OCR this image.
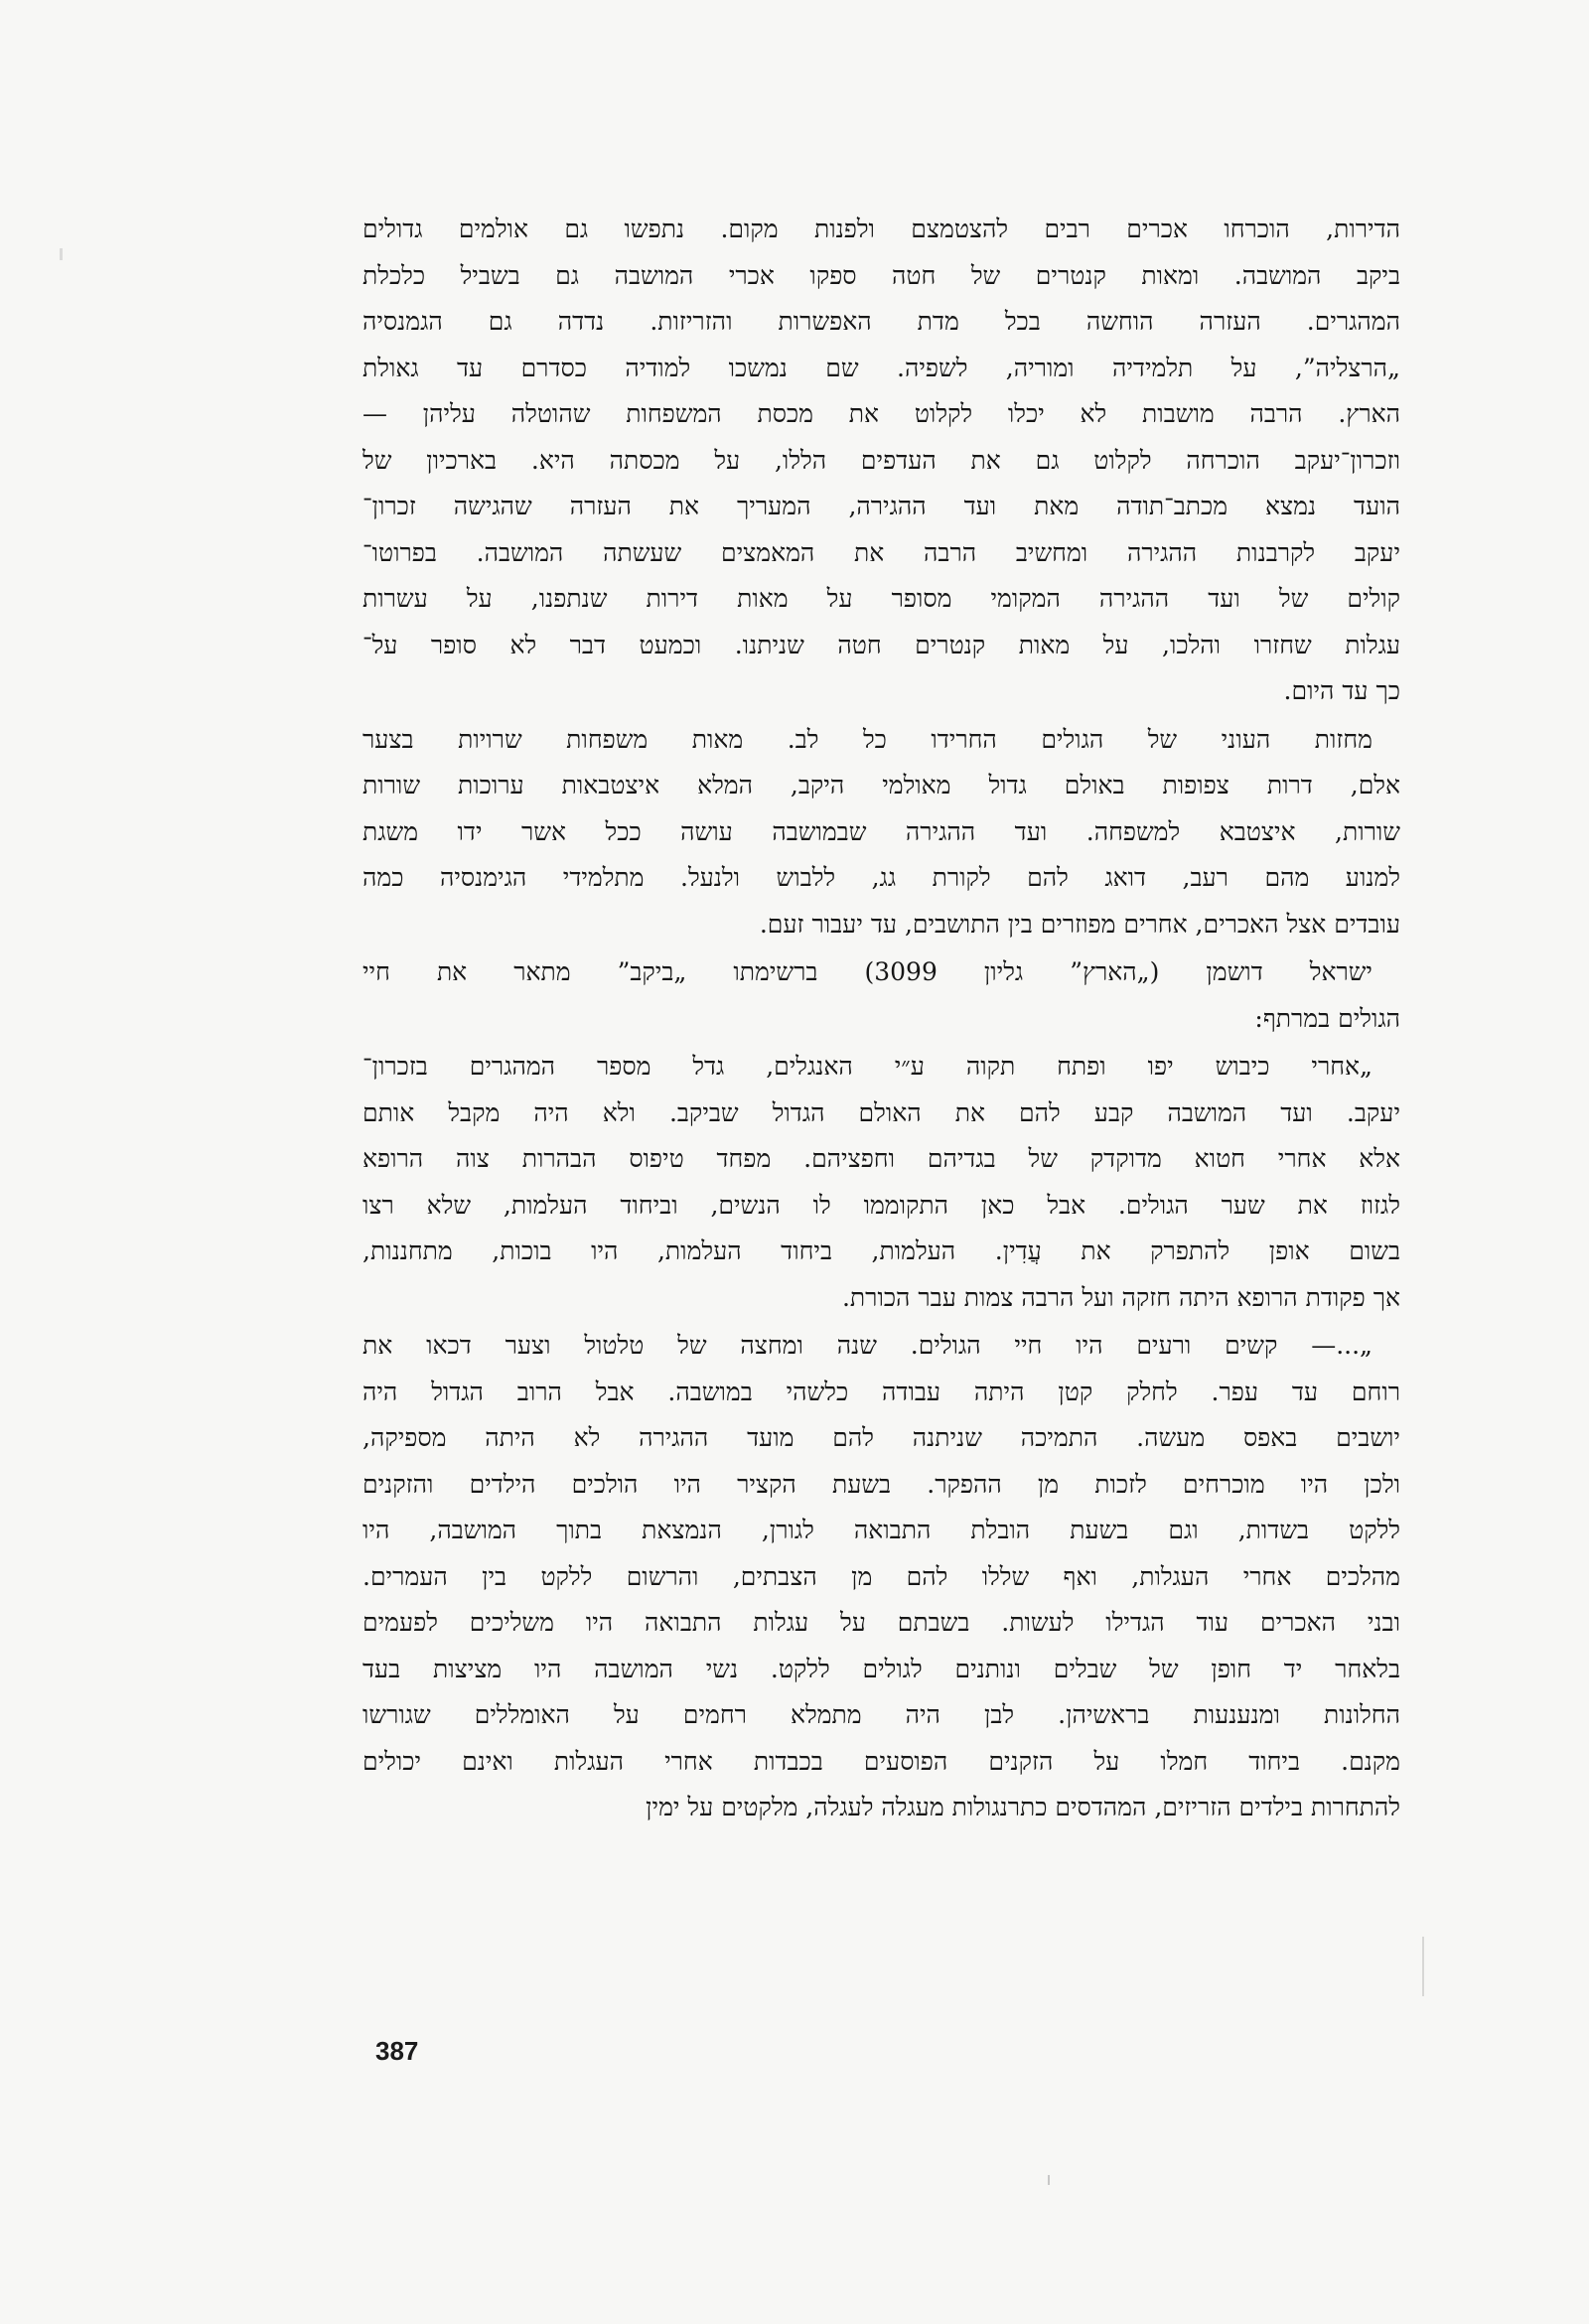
הדירות, הוכרחו אכרים רבים להצטמצם ולפנות מקום. נתפשו גם אולמים גדולים
ביקב המושבה. ומאות קנטרים של חטה ספקו אכרי המושבה גם בשביל כלכלת
המהגרים. העזרה הוחשה בכל מדת האפשרות והזריזות. נדדה גם הגמנסיה
„הרצליה”, על תלמידיה ומוריה, לשפיה. שם נמשכו למודיה כסדרם עד גאולת
הארץ. הרבה מושבות לא יכלו לקלוט את מכסת המשפחות שהוטלה עליהן —
וזכרון־יעקב הוכרחה לקלוט גם את העדפים הללו, על מכסתה היא. בארכיון של
הועד נמצא מכתב־תודה מאת ועד ההגירה, המעריך את העזרה שהגישה זכרון־
יעקב לקרבנות ההגירה ומחשיב הרבה את המאמצים שעשתה המושבה. בפרוטו־
קולים של ועד ההגירה המקומי מסופר על מאות דירות שנתפנו, על עשרות
עגלות שחזרו והלכו, על מאות קנטרים חטה שניתנו. וכמעט דבר לא סופר על־
כך עד היום.

מחזות העוני של הגולים החרידו כל לב. מאות משפחות שרויות בצער
אלם, דרות צפופות באולם גדול מאולמי היקב, המלא איצטבאות ערוכות שורות
שורות, איצטבא למשפחה. ועד ההגירה שבמושבה עושה ככל אשר ידו משגת
למנוע מהם רעב, דואג להם לקורת גג, ללבוש ולנעל. מתלמידי הגימנסיה כמה
עובדים אצל האכרים, אחרים מפוזרים בין התושבים, עד יעבור זעם.

ישראל דושמן („הארץ” גליון 3099) ברשימתו „ביקב” מתאר את חיי
הגולים במרתף:

„אחרי כיבוש יפו ופתח תקוה ע״י האנגלים, גדל מספר המהגרים בזכרון־
יעקב. ועד המושבה קבע להם את האולם הגדול שביקב. ולא היה מקבל אותם
אלא אחרי חטוא מדוקדק של בגדיהם וחפציהם. מפחד טיפוס הבהרות צוה הרופא
לגזוז את שער הגולים. אבל כאן התקוממו לו הנשים, וביחוד העלמות, שלא רצו
בשום אופן להתפרק את עֲדִין. העלמות, ביחוד העלמות, היו בוכות, מתחננות,
אך פקודת הרופא היתה חזקה ועל הרבה צמות עבר הכורת.

„...— קשים ורעים היו חיי הגולים. שנה ומחצה של טלטול וצער דכאו את
רוחם עד עפר. לחלק קטן היתה עבודה כלשהי במושבה. אבל הרוב הגדול היה
יושבים באפס מעשה. התמיכה שניתנה להם מועד ההגירה לא היתה מספיקה,
ולכן היו מוכרחים לזכות מן ההפקר. בשעת הקציר היו הולכים הילדים והזקנים
ללקט בשדות, וגם בשעת הובלת התבואה לגורן, הנמצאת בתוך המושבה, היו
מהלכים אחרי העגלות, ואף שללו להם מן הצבתים, והרשום ללקט בין העמרים.
ובני האכרים עוד הגדילו לעשות. בשבתם על עגלות התבואה היו משליכים לפעמים
בלאחר יד חופן של שבלים ונותנים לגולים ללקט. נשי המושבה היו מציצות בעד
החלונות ומנענעות בראשיהן. לבן היה מתמלא רחמים על האומללים שגורשו
מקנם. ביחוד חמלו על הזקנים הפוסעים בכבדות אחרי העגלות ואינם יכולים
להתחרות בילדים הזריזים, המהדסים כתרנגולות מעגלה לעגלה, מלקטים על ימין

387
